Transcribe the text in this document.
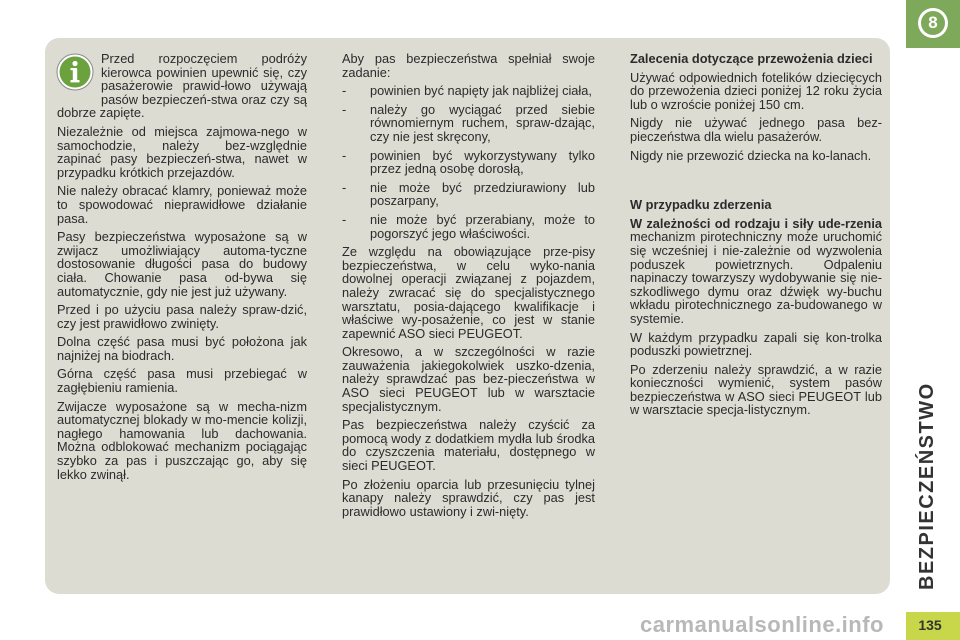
Przed rozpoczęciem podróży kierowca powinien upewnić się, czy pasażerowie prawid-łowo używają pasów bezpieczeń-stwa oraz czy są dobrze zapięte.

Niezależnie od miejsca zajmowa-nego w samochodzie, należy bez-względnie zapinać pasy bezpieczeń-stwa, nawet w przypadku krótkich przejazdów.

Nie należy obracać klamry, ponieważ może to spowodować nieprawidłowe działanie pasa.

Pasy bezpieczeństwa wyposażone są w zwijacz umożliwiający automa-tyczne dostosowanie długości pasa do budowy ciała. Chowanie pasa od-bywa się automatycznie, gdy nie jest już używany.

Przed i po użyciu pasa należy spraw-dzić, czy jest prawidłowo zwinięty.

Dolna część pasa musi być położona jak najniżej na biodrach.

Górna część pasa musi przebiegać w zagłębieniu ramienia.

Zwijacze wyposażone są w mecha-nizm automatycznej blokady w mo-mencie kolizji, nagłego hamowania lub dachowania. Można odblokować mechanizm pociągając szybko za pas i puszczając go, aby się lekko zwinął.

Aby pas bezpieczeństwa spełniał swoje zadanie:

-	powinien być napięty jak najbliżej ciała,
-	należy go wyciągać przed siebie równomiernym ruchem, spraw-dzając, czy nie jest skręcony,
-	powinien być wykorzystywany tylko przez jedną osobę dorosłą,
-	nie może być przedziurawiony lub poszarpany,
-	nie może być przerabiany, może to pogorszyć jego właściwości.

Ze względu na obowiązujące prze-pisy bezpieczeństwa, w celu wyko-nania dowolnej operacji związanej z pojazdem, należy zwracać się do specjalistycznego warsztatu, posia-dającego kwalifikacje i właściwe wy-posażenie, co jest w stanie zapewnić ASO sieci PEUGEOT.

Okresowo, a w szczególności w razie zauważenia jakiegokolwiek uszko-dzenia, należy sprawdzać pas bez-pieczeństwa w ASO sieci PEUGEOT lub w warsztacie specjalistycznym.

Pas bezpieczeństwa należy czyścić za pomocą wody z dodatkiem mydła lub środka do czyszczenia materiału, dostępnego w sieci PEUGEOT.

Po złożeniu oparcia lub przesunięciu tylnej kanapy należy sprawdzić, czy pas jest prawidłowo ustawiony i zwi-nięty.

Zalecenia dotyczące przewożenia dzieci

Używać odpowiednich fotelików dziecięcych do przewożenia dzieci poniżej 12 roku życia lub o wzroście poniżej 150 cm.

Nigdy nie używać jednego pasa bez-pieczeństwa dla wielu pasażerów.

Nigdy nie przewozić dziecka na ko-lanach.

W przypadku zderzenia

W zależności od rodzaju i siły ude-rzenia mechanizm pirotechniczny może uruchomić się wcześniej i nie-zależnie od wyzwolenia poduszek powietrznych. Odpaleniu napinaczy towarzyszy wydobywanie się nie-szkodliwego dymu oraz dźwięk wy-buchu wkładu pirotechnicznego za-budowanego w systemie.

W każdym przypadku zapali się kon-trolka poduszki powietrznej.

Po zderzeniu należy sprawdzić, a w razie konieczności wymienić, system pasów bezpieczeństwa w ASO sieci PEUGEOT lub w warsztacie specja-listycznym.

8
BEZPIECZEŃSTWO
carmanualsonline.info	135
